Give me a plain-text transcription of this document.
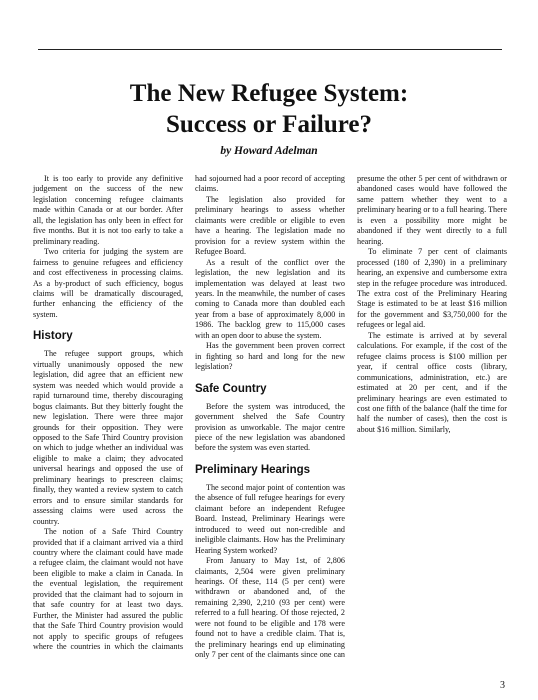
The New Refugee System:
Success or Failure?
by Howard Adelman

It is too early to provide any definitive judgement on the success of the new legislation concerning refugee claimants made within Canada or at our border. After all, the legislation has only been in effect for five months. But it is not too early to take a preliminary reading.

Two criteria for judging the system are fairness to genuine refugees and efficiency and cost effectiveness in processing claims. As a by-product of such efficiency, bogus claims will be dramatically discouraged, further enhancing the efficiency of the system.

History

The refugee support groups, which virtually unanimously opposed the new legislation, did agree that an efficient new system was needed which would provide a rapid turnaround time, thereby discouraging bogus claimants. But they bitterly fought the new legislation. There were three major grounds for their opposition. They were opposed to the Safe Third Country provision on which to judge whether an individual was eligible to make a claim; they advocated universal hearings and opposed the use of preliminary hearings to prescreen claims; finally, they wanted a review system to catch errors and to ensure similar standards for assessing claims were used across the country.

The notion of a Safe Third Country provided that if a claimant arrived via a third country where the claimant could have made a refugee claim, the claimant would not have been eligible to make a claim in Canada. In the eventual legislation, the requirement provided that the claimant had to sojourn in that safe country for at least two days. Further, the Minister had assured the public that the Safe Third Country provision would not apply to specific groups of refugees where the countries in which the claimants had sojourned had a poor record of accepting claims.

The legislation also provided for preliminary hearings to assess whether claimants were credible or eligible to even have a hearing. The legislation made no provision for a review system within the Refugee Board.

As a result of the conflict over the legislation, the new legislation and its implementation was delayed at least two years. In the meanwhile, the number of cases coming to Canada more than doubled each year from a base of approximately 8,000 in 1986. The backlog grew to 115,000 cases with an open door to abuse the system.

Has the government been proven correct in fighting so hard and long for the new legislation?

Safe Country

Before the system was introduced, the government shelved the Safe Country provision as unworkable. The major centre piece of the new legislation was abandoned before the system was even started.

Preliminary Hearings

The second major point of contention was the absence of full refugee hearings for every claimant before an independent Refugee Board. Instead, Preliminary Hearings were introduced to weed out non-credible and ineligible claimants. How has the Preliminary Hearing System worked?

From January to May 1st, of 2,806 claimants, 2,504 were given preliminary hearings. Of these, 114 (5 per cent) were withdrawn or abandoned and, of the remaining 2,390, 2,210 (93 per cent) were referred to a full hearing. Of those rejected, 2 were not found to be eligible and 178 were found not to have a credible claim. That is, the preliminary hearings end up eliminating only 7 per cent of the claimants since one can presume the other 5 per cent of withdrawn or abandoned cases would have followed the same pattern whether they went to a preliminary hearing or to a full hearing. There is even a possibility more might be abandoned if they went directly to a full hearing.

To eliminate 7 per cent of claimants processed (180 of 2,390) in a preliminary hearing, an expensive and cumbersome extra step in the refugee procedure was introduced. The extra cost of the Preliminary Hearing Stage is estimated to be at least $16 million for the government and $3,750,000 for the refugees or legal aid.

The estimate is arrived at by several calculations. For example, if the cost of the refugee claims process is $100 million per year, if central office costs (library, communications, administration, etc.) are estimated at 20 per cent, and if the preliminary hearings are even estimated to cost one fifth of the balance (half the time for half the number of cases), then the cost is about $16 million. Similarly,

3
